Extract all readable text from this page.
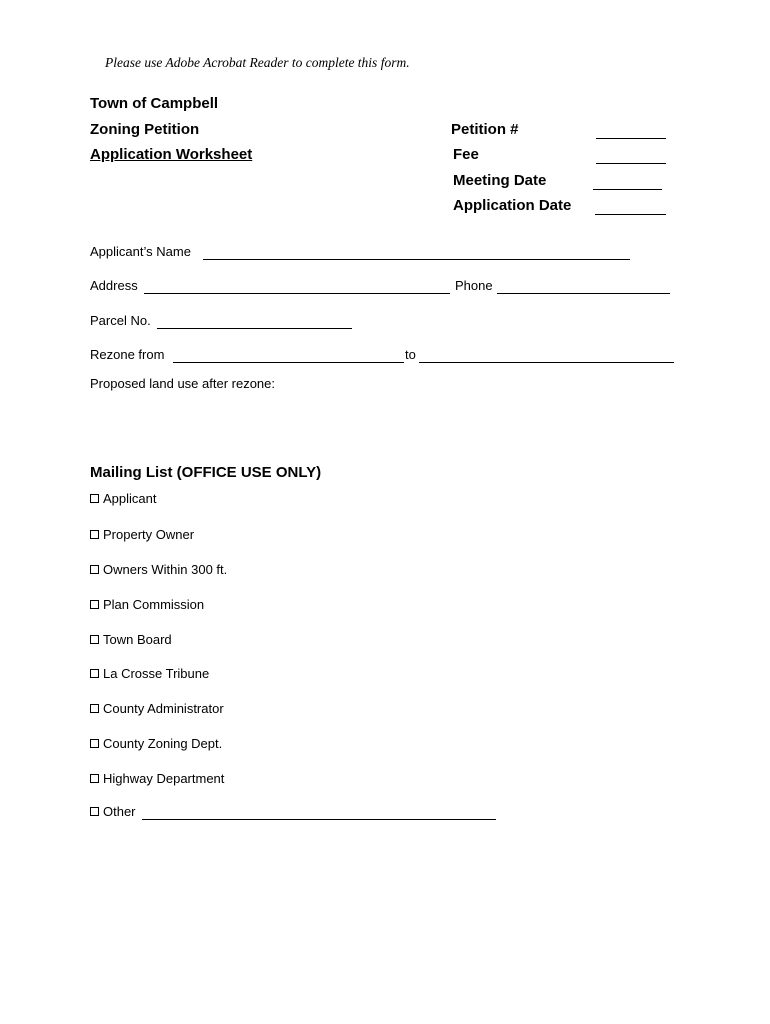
Please use Adobe Acrobat Reader to complete this form.
Town of Campbell
Zoning Petition
Application Worksheet
Petition #
Fee
Meeting Date
Application Date
Applicant’s Name
Address	Phone
Parcel No.
Rezone from	to
Proposed land use after rezone:
Mailing List (OFFICE USE ONLY)
Applicant
Property Owner
Owners Within 300 ft.
Plan Commission
Town Board
La Crosse Tribune
County Administrator
County Zoning Dept.
Highway Department
Other
